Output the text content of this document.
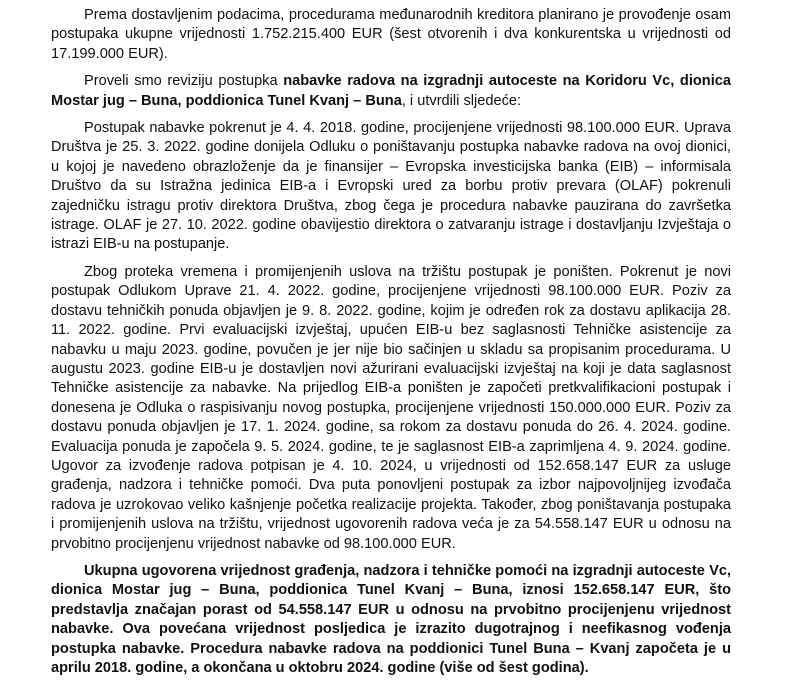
Prema dostavljenim podacima, procedurama međunarodnih kreditora planirano je provođenje osam postupaka ukupne vrijednosti 1.752.215.400 EUR (šest otvorenih i dva konkurentska u vrijednosti od 17.199.000 EUR).

Proveli smo reviziju postupka nabavke radova na izgradnji autoceste na Koridoru Vc, dionica Mostar jug – Buna, poddionica Tunel Kvanj – Buna, i utvrdili sljedeće:

Postupak nabavke pokrenut je 4. 4. 2018. godine, procijenjene vrijednosti 98.100.000 EUR. Uprava Društva je 25. 3. 2022. godine donijela Odluku o poništavanju postupka nabavke radova na ovoj dionici, u kojoj je navedeno obrazloženje da je finansijer – Evropska investicijska banka (EIB) – informisala Društvo da su Istražna jedinica EIB-a i Evropski ured za borbu protiv prevara (OLAF) pokrenuli zajedničku istragu protiv direktora Društva, zbog čega je procedura nabavke pauzirana do završetka istrage. OLAF je 27. 10. 2022. godine obavijestio direktora o zatvaranju istrage i dostavljanju Izvještaja o istrazi EIB-u na postupanje.

Zbog proteka vremena i promijenjenih uslova na tržištu postupak je poništen. Pokrenut je novi postupak Odlukom Uprave 21. 4. 2022. godine, procijenjene vrijednosti 98.100.000 EUR. Poziv za dostavu tehničkih ponuda objavljen je 9. 8. 2022. godine, kojim je određen rok za dostavu aplikacija 28. 11. 2022. godine. Prvi evaluacijski izvještaj, upućen EIB-u bez saglasnosti Tehničke asistencije za nabavku u maju 2023. godine, povučen je jer nije bio sačinjen u skladu sa propisanim procedurama. U augustu 2023. godine EIB-u je dostavljen novi ažurirani evaluacijski izvještaj na koji je data saglasnost Tehničke asistencije za nabavke. Na prijedlog EIB-a poništen je započeti pretkvalifikacioni postupak i donesena je Odluka o raspisivanju novog postupka, procijenjene vrijednosti 150.000.000 EUR. Poziv za dostavu ponuda objavljen je 17. 1. 2024. godine, sa rokom za dostavu ponuda do 26. 4. 2024. godine. Evaluacija ponuda je započela 9. 5. 2024. godine, te je saglasnost EIB-a zaprimljena 4. 9. 2024. godine. Ugovor za izvođenje radova potpisan je 4. 10. 2024, u vrijednosti od 152.658.147 EUR za usluge građenja, nadzora i tehničke pomoći. Dva puta ponovljeni postupak za izbor najpovoljnijeg izvođača radova je uzrokovao veliko kašnjenje početka realizacije projekta. Također, zbog poništavanja postupaka i promijenjenih uslova na tržištu, vrijednost ugovorenih radova veća je za 54.558.147 EUR u odnosu na prvobitno procijenjenu vrijednost nabavke od 98.100.000 EUR.

Ukupna ugovorena vrijednost građenja, nadzora i tehničke pomoći na izgradnji autoceste Vc, dionica Mostar jug – Buna, poddionica Tunel Kvanj – Buna, iznosi 152.658.147 EUR, što predstavlja značajan porast od 54.558.147 EUR u odnosu na prvobitno procijenjenu vrijednost nabavke. Ova povećana vrijednost posljedica je izrazito dugotrajnog i neefikasnog vođenja postupka nabavke. Procedura nabavke radova na poddionici Tunel Buna – Kvanj započeta je u aprilu 2018. godine, a okončana u oktobru 2024. godine (više od šest godina).
